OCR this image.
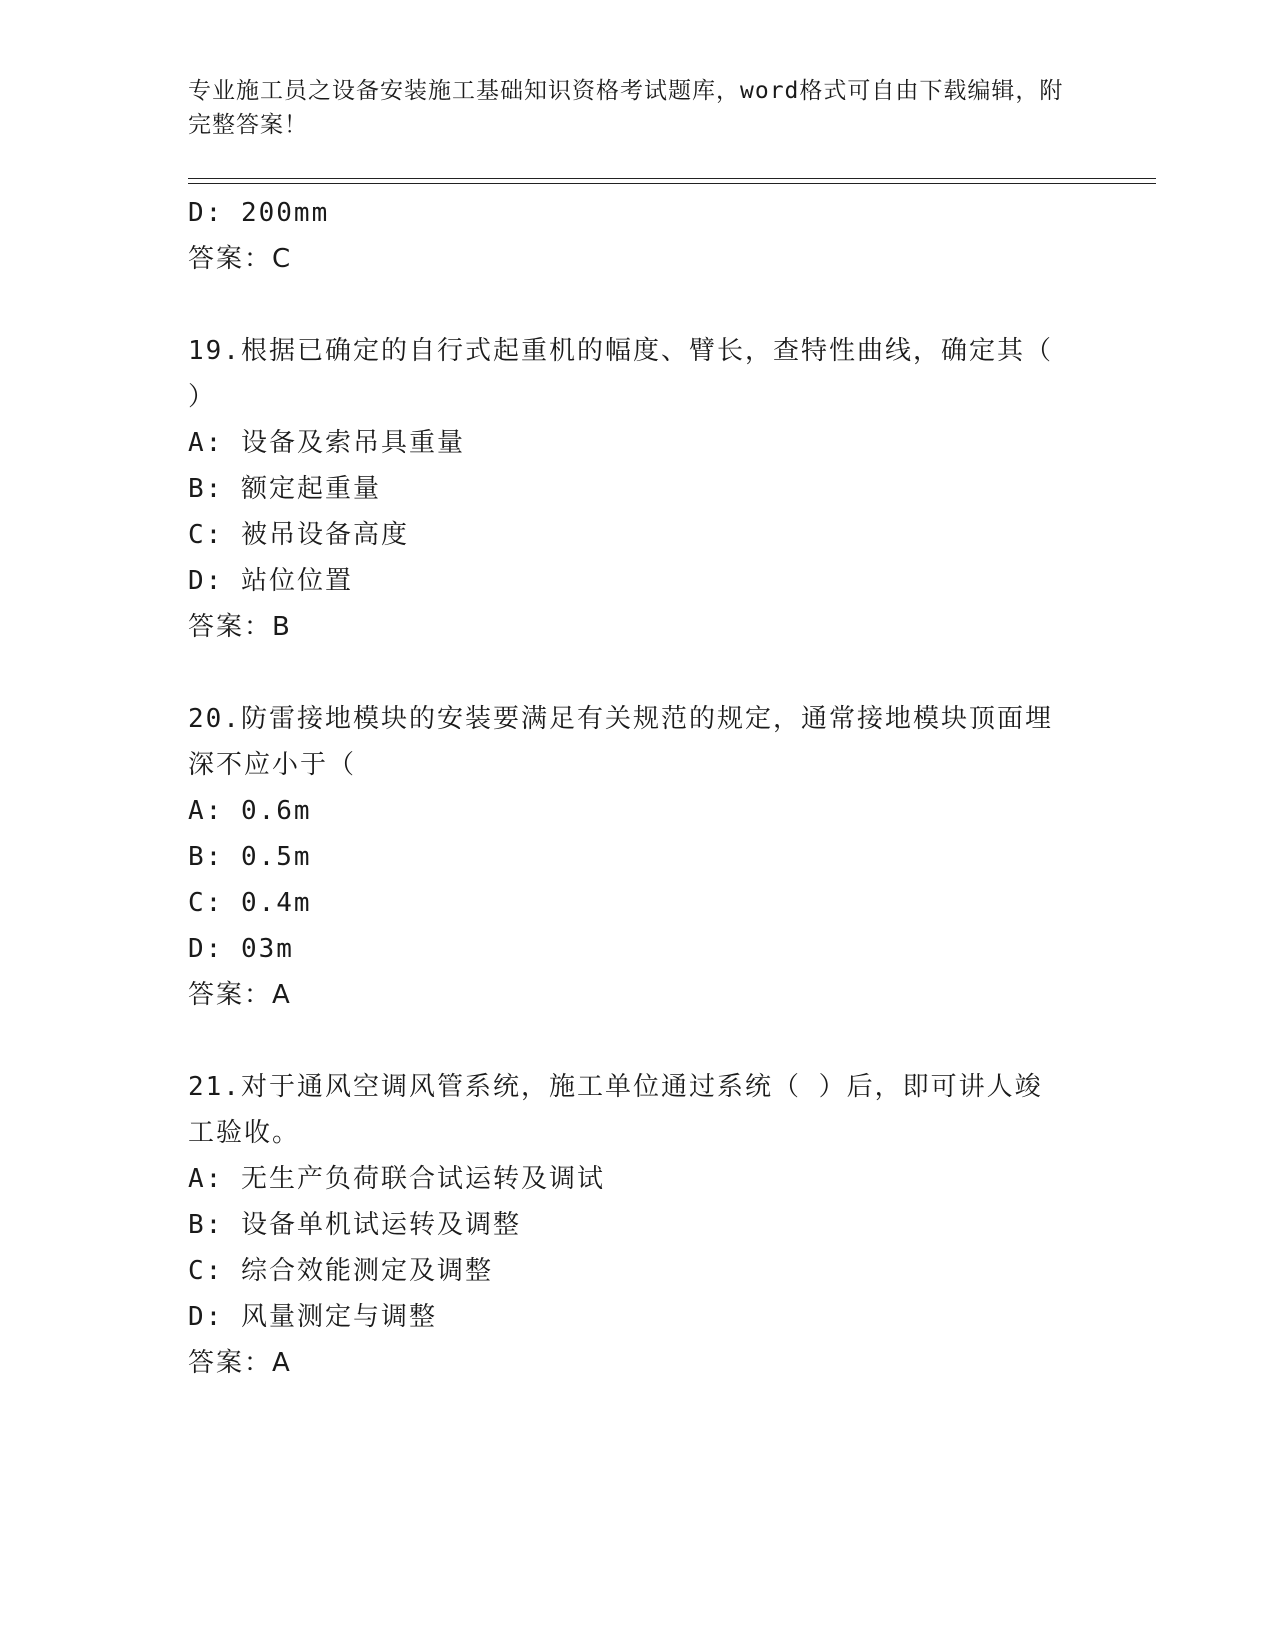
专业施工员之设备安装施工基础知识资格考试题库，word格式可自由下载编辑，附完整答案！
D: 200mm
答案：C
19.根据已确定的自行式起重机的幅度、臂长，查特性曲线，确定其（
）
A: 设备及索吊具重量
B: 额定起重量
C: 被吊设备高度
D: 站位位置
答案：B
20.防雷接地模块的安装要满足有关规范的规定，通常接地模块顶面埋
深不应小于（
A: 0.6m
B: 0.5m
C: 0.4m
D: 03m
答案：A
21.对于通风空调风管系统，施工单位通过系统（ ）后，即可讲人竣
工验收。
A: 无生产负荷联合试运转及调试
B: 设备单机试运转及调整
C: 综合效能测定及调整
D: 风量测定与调整
答案：A
